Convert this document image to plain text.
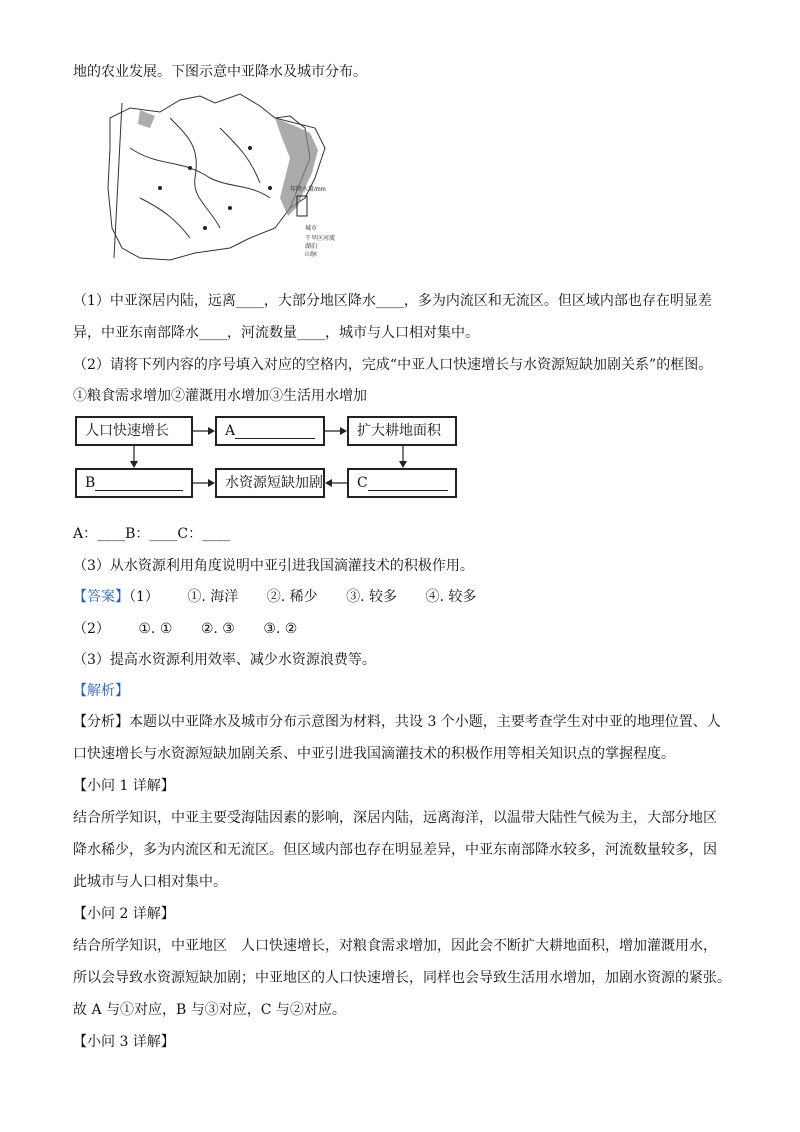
地的农业发展。下图示意中亚降水及城市分布。
年降水量/mm
城市
干旱区河流
湖泊
山脉
（1）中亚深居内陆，远离____，大部分地区降水____，多为内流区和无流区。但区域内部也存在明显差
异，中亚东南部降水____，河流数量____，城市与人口相对集中。
（2）请将下列内容的序号填入对应的空格内，完成“中亚人口快速增长与水资源短缺加剧关系”的框图。
①粮食需求增加②灌溉用水增加③生活用水增加
人口快速增长	A	扩大耕地面积
B	水资源短缺加剧	C
A：____B：____C：____
（3）从水资源利用角度说明中亚引进我国滴灌技术的积极作用。
【答案】（1） ①. 海洋 ②. 稀少 ③. 较多 ④. 较多
（2） ①. ① ②. ③ ③. ②
（3）提高水资源利用效率、减少水资源浪费等。
【解析】
【分析】本题以中亚降水及城市分布示意图为材料，共设 3 个小题，主要考查学生对中亚的地理位置、人
口快速增长与水资源短缺加剧关系、中亚引进我国滴灌技术的积极作用等相关知识点的掌握程度。
【小问 1 详解】
结合所学知识，中亚主要受海陆因素的影响，深居内陆，远离海洋，以温带大陆性气候为主，大部分地区
降水稀少，多为内流区和无流区。但区域内部也存在明显差异，中亚东南部降水较多，河流数量较多，因
此城市与人口相对集中。
【小问 2 详解】
结合所学知识，中亚地区　人口快速增长，对粮食需求增加，因此会不断扩大耕地面积，增加灌溉用水，
所以会导致水资源短缺加剧；中亚地区的人口快速增长，同样也会导致生活用水增加，加剧水资源的紧张。
故 A 与①对应，B 与③对应，C 与②对应。
【小问 3 详解】
